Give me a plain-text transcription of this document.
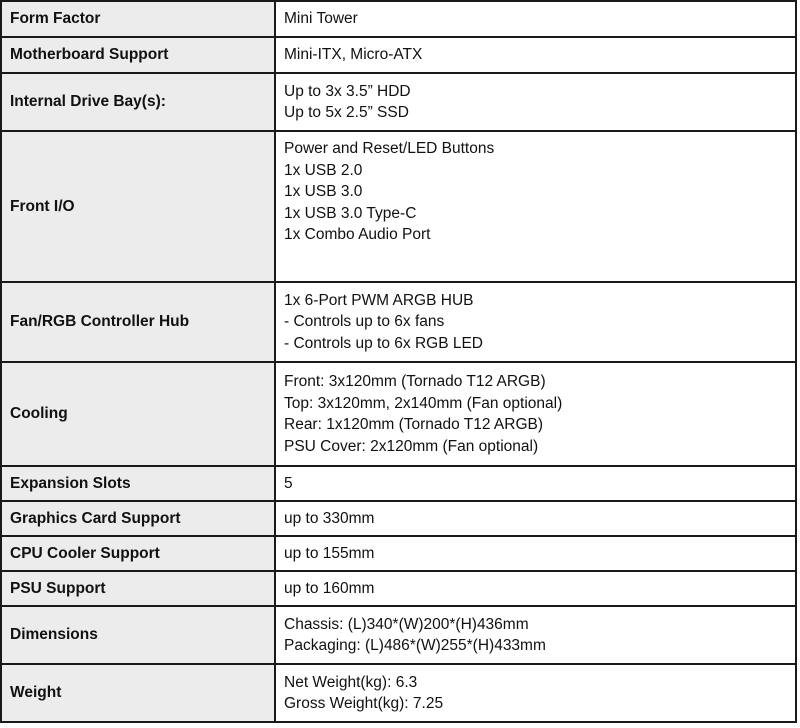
Form Factor	Mini Tower

Motherboard Support	Mini-ITX, Micro-ATX

Internal Drive Bay(s):	Up to 3x 3.5” HDD
Up to 5x 2.5” SSD

Front I/O	Power and Reset/LED Buttons
1x USB 2.0
1x USB 3.0
1x USB 3.0 Type-C
1x Combo Audio Port

Fan/RGB Controller Hub	1x 6-Port PWM ARGB HUB
- Controls up to 6x fans
- Controls up to 6x RGB LED

Cooling	Front: 3x120mm (Tornado T12 ARGB)
Top: 3x120mm, 2x140mm (Fan optional)
Rear: 1x120mm (Tornado T12 ARGB)
PSU Cover: 2x120mm (Fan optional)

Expansion Slots	5

Graphics Card Support	up to 330mm

CPU Cooler Support	up to 155mm

PSU Support	up to 160mm

Dimensions	Chassis: (L)340*(W)200*(H)436mm
Packaging: (L)486*(W)255*(H)433mm

Weight	Net Weight(kg): 6.3
Gross Weight(kg): 7.25
